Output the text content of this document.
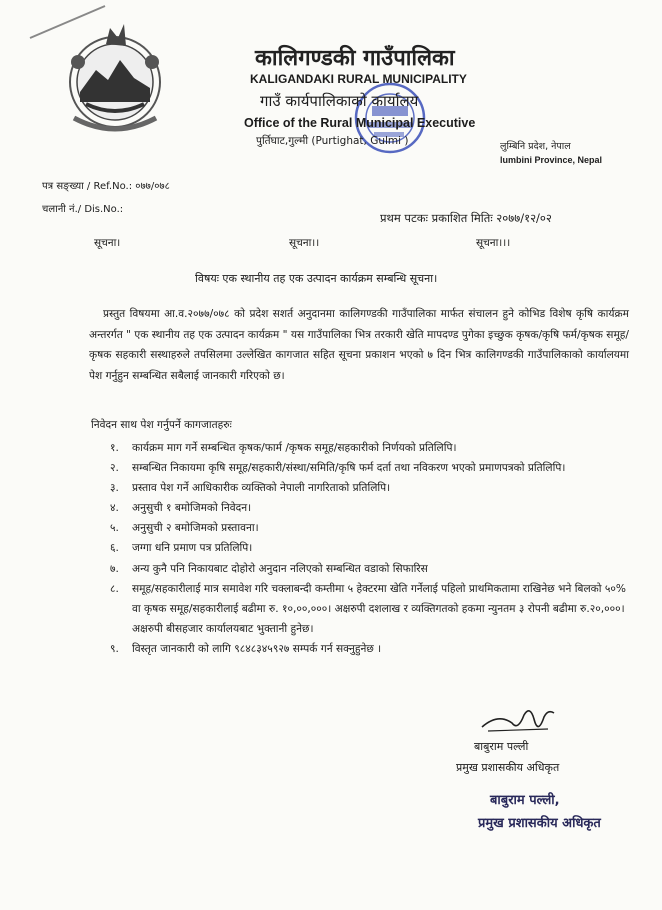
कालिगण्डकी गाउँपालिका
KALIGANDAKI RURAL MUNICIPALITY
गाउँ कार्यपालिकाको कार्यालय
Office of the Rural Municipal Executive
पुर्तिघाट,गुल्मी (Purtighat, Gulmi )	लुम्बिनि प्रदेश, नेपाल
lumbini Province, Nepal
पत्र सङ्ख्या / Ref.No.: ०७७/०७८
चलानी नं./ Dis.No.:
प्रथम पटकः प्रकाशित मितिः २०७७/१२/०२
सूचना।	सूचना।।	सूचना।।।
विषयः एक स्थानीय तह एक उत्पादन कार्यक्रम सम्बन्धि सूचना।

प्रस्तुत विषयमा आ.व.२०७७/०७८ को प्रदेश सशर्त अनुदानमा कालिगण्डकी गाउँपालिका मार्फत संचालन हुने कोभिड विशेष कृषि कार्यक्रम अन्तरर्गत " एक स्थानीय तह एक उत्पादन कार्यक्रम " यस गाउँपालिका भित्र तरकारी खेति मापदण्ड पुगेका इच्छुक कृषक/कृषि फर्म/कृषक समूह/कृषक सहकारी सस्थाहरुले तपसिलमा उल्लेखित कागजात सहित सूचना प्रकाशन भएको ७ दिन भित्र कालिगण्डकी गाउँपालिकाको कार्यालयमा पेश गर्नुहुन सम्बन्धित सबैलाई जानकारी गरिएको छ।

निवेदन साथ पेश गर्नुपर्ने कागजातहरुः
१. कार्यक्रम माग गर्ने सम्बन्धित कृषक/फार्म /कृषक समूह/सहकारीको निर्णयको प्रतिलिपि।
२. सम्बन्धित निकायमा कृषि समूह/सहकारी/संस्था/समिति/कृषि फर्म दर्ता तथा नविकरण भएको प्रमाणपत्रको प्रतिलिपि।
३. प्रस्ताव पेश गर्ने आधिकारीक व्यक्तिको नेपाली नागरिताको प्रतिलिपि।
४. अनुसुची १ बमोजिमको निवेदन।
५. अनुसुची २ बमोजिमको प्रस्तावना।
६. जग्गा धनि प्रमाण पत्र प्रतिलिपि।
७. अन्य कुनै पनि निकायबाट दोहोरो अनुदान नलिएको सम्बन्धित वडाको सिफारिस
८. समूह/सहकारीलाई मात्र समावेश गरि चक्लाबन्दी कम्तीमा ५ हेक्टरमा खेति गर्नेलाई पहिलो प्राथमिकतामा राखिनेछ भने बिलको ५०% वा कृषक समूह/सहकारीलाई बढीमा रु. १०,००,०००। अक्षरुपी दशलाख र व्यक्तिगतको हकमा न्युनतम ३ रोपनी बढीमा रु.२०,०००। अक्षरुपी बीसहजार कार्यालयबाट भुक्तानी हुनेछ।
९. विस्तृत जानकारी को लागि ९८४८३४५९२७ सम्पर्क गर्न सक्नुहुनेछ ।
बाबुराम पल्ली
प्रमुख प्रशासकीय अधिकृत
बाबुराम पल्ली,
प्रमुख प्रशासकीय अधिकृत
